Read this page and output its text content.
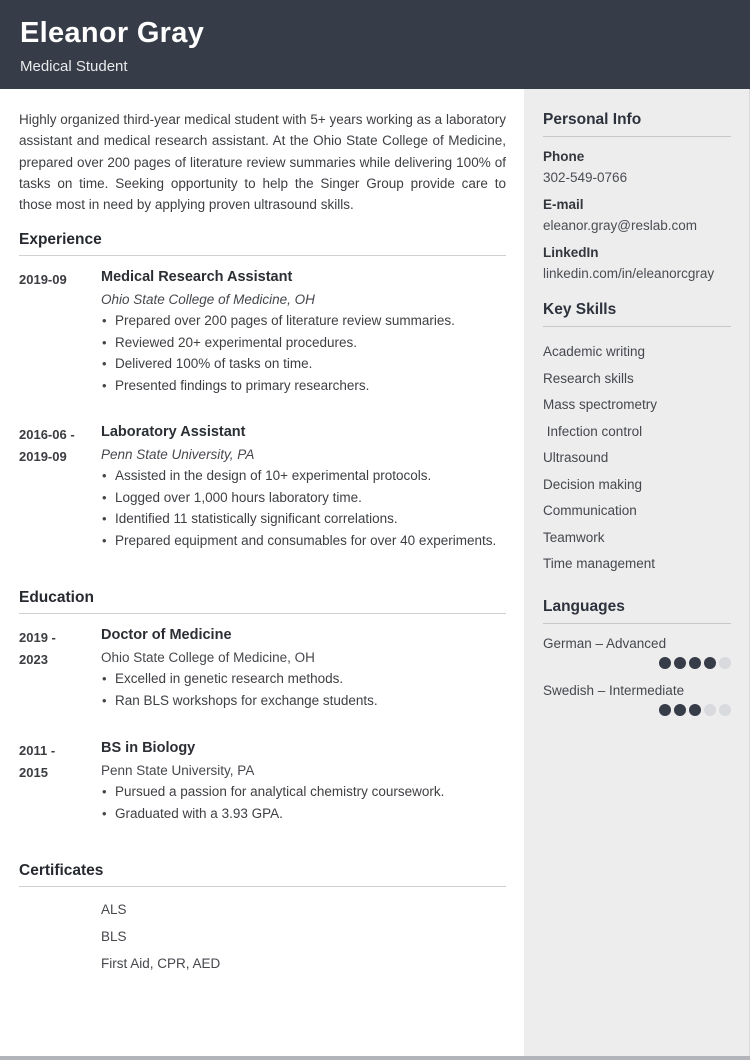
Eleanor Gray
Medical Student

Highly organized third-year medical student with 5+ years working as a laboratory assistant and medical research assistant. At the Ohio State College of Medicine, prepared over 200 pages of literature review summaries while delivering 100% of tasks on time. Seeking opportunity to help the Singer Group provide care to those most in need by applying proven ultrasound skills.

Experience
2019-09	Medical Research Assistant
Ohio State College of Medicine, OH
• Prepared over 200 pages of literature review summaries.
• Reviewed 20+ experimental procedures.
• Delivered 100% of tasks on time.
• Presented findings to primary researchers.
2016-06 -
2019-09
Laboratory Assistant
Penn State University, PA
• Assisted in the design of 10+ experimental protocols.
• Logged over 1,000 hours laboratory time.
• Identified 11 statistically significant correlations.
• Prepared equipment and consumables for over 40 experiments.
Education
2019 -
2023
Doctor of Medicine
Ohio State College of Medicine, OH
• Excelled in genetic research methods.
• Ran BLS workshops for exchange students.
2011 -
2015
BS in Biology
Penn State University, PA
• Pursued a passion for analytical chemistry coursework.
• Graduated with a 3.93 GPA.
Certificates
ALS
BLS
First Aid, CPR, AED
Personal Info
Phone
302-549-0766
E-mail
eleanor.gray@reslab.com
LinkedIn
linkedin.com/in/eleanorcgray
Key Skills
Academic writing
Research skills
Mass spectrometry
Infection control
Ultrasound
Decision making
Communication
Teamwork
Time management
Languages
German – Advanced
Swedish – Intermediate
